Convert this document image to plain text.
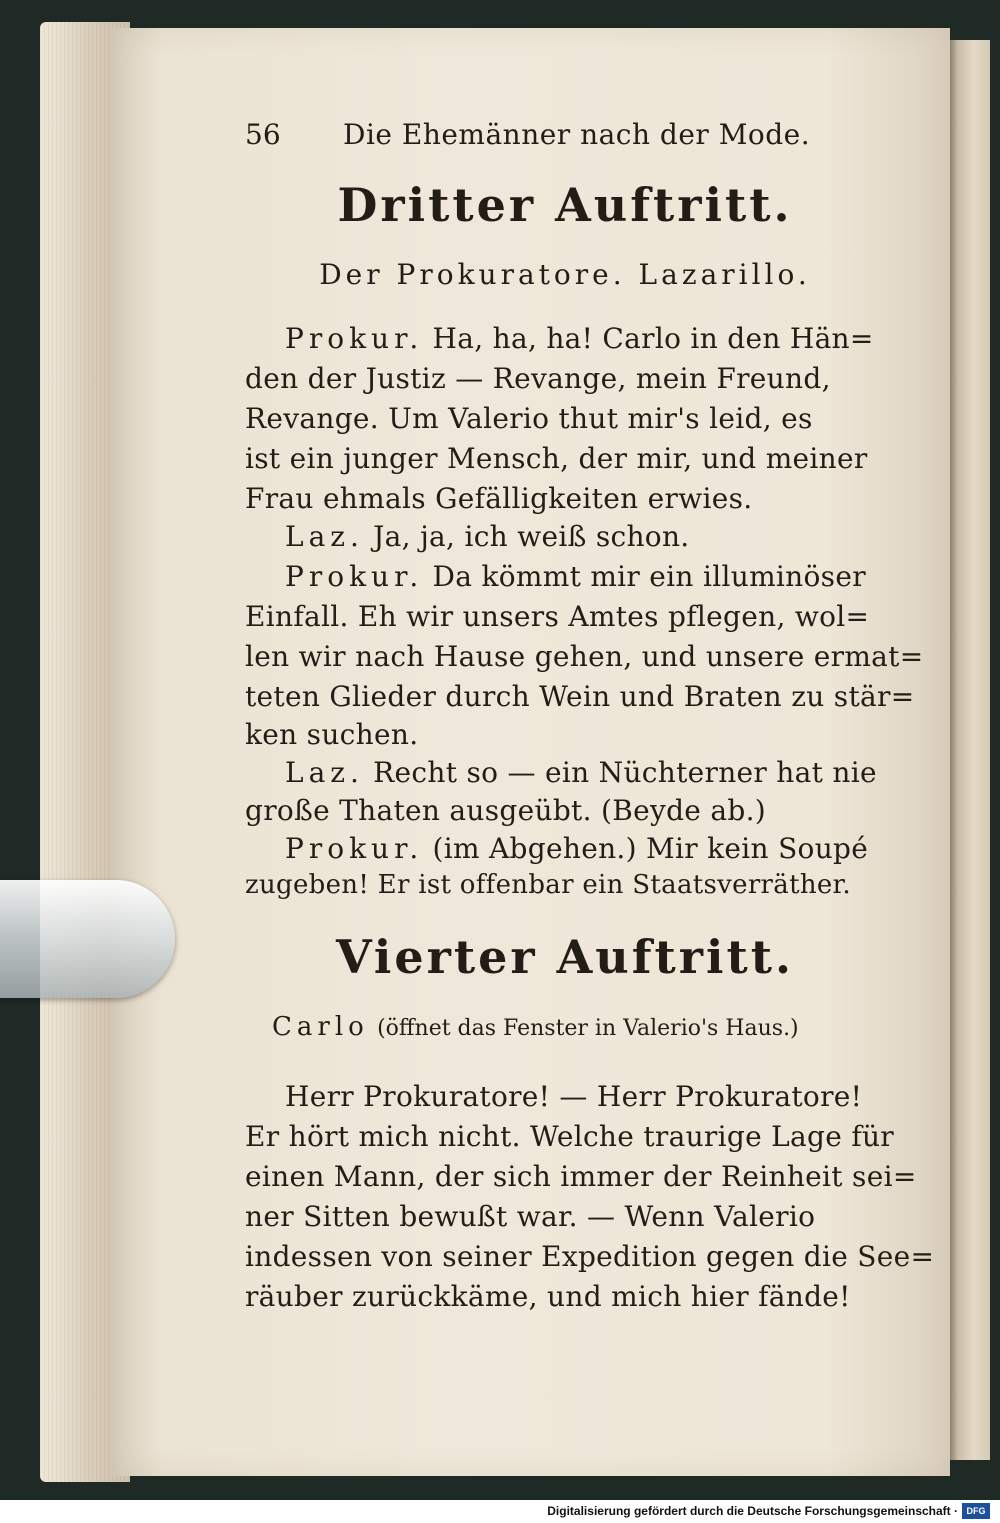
56 Die Ehemänner nach der Mode.
Dritter Auftritt.
Der Prokuratore. Lazarillo.
Prokur. Ha, ha, ha! Carlo in den Hän=
den der Justiz — Revange, mein Freund,
Revange. Um Valerio thut mir's leid, es
ist ein junger Mensch, der mir, und meiner
Frau ehmals Gefälligkeiten erwies.
Laz. Ja, ja, ich weiß schon.
Prokur. Da kömmt mir ein illuminöser
Einfall. Eh wir unsers Amtes pflegen, wol=
len wir nach Hause gehen, und unsere ermat=
teten Glieder durch Wein und Braten zu stär=
ken suchen.
Laz. Recht so — ein Nüchterner hat nie
große Thaten ausgeübt. (Beyde ab.)
Prokur. (im Abgehen.) Mir kein Soupé
zugeben! Er ist offenbar ein Staatsverräther.
Vierter Auftritt.
Carlo (öffnet das Fenster in Valerio's Haus.)
Herr Prokuratore! — Herr Prokuratore!
Er hört mich nicht. Welche traurige Lage für
einen Mann, der sich immer der Reinheit sei=
ner Sitten bewußt war. — Wenn Valerio
indessen von seiner Expedition gegen die See=
räuber zurückkäme, und mich hier fände!
Digitalisierung gefördert durch die Deutsche Forschungsgemeinschaft · DFG
